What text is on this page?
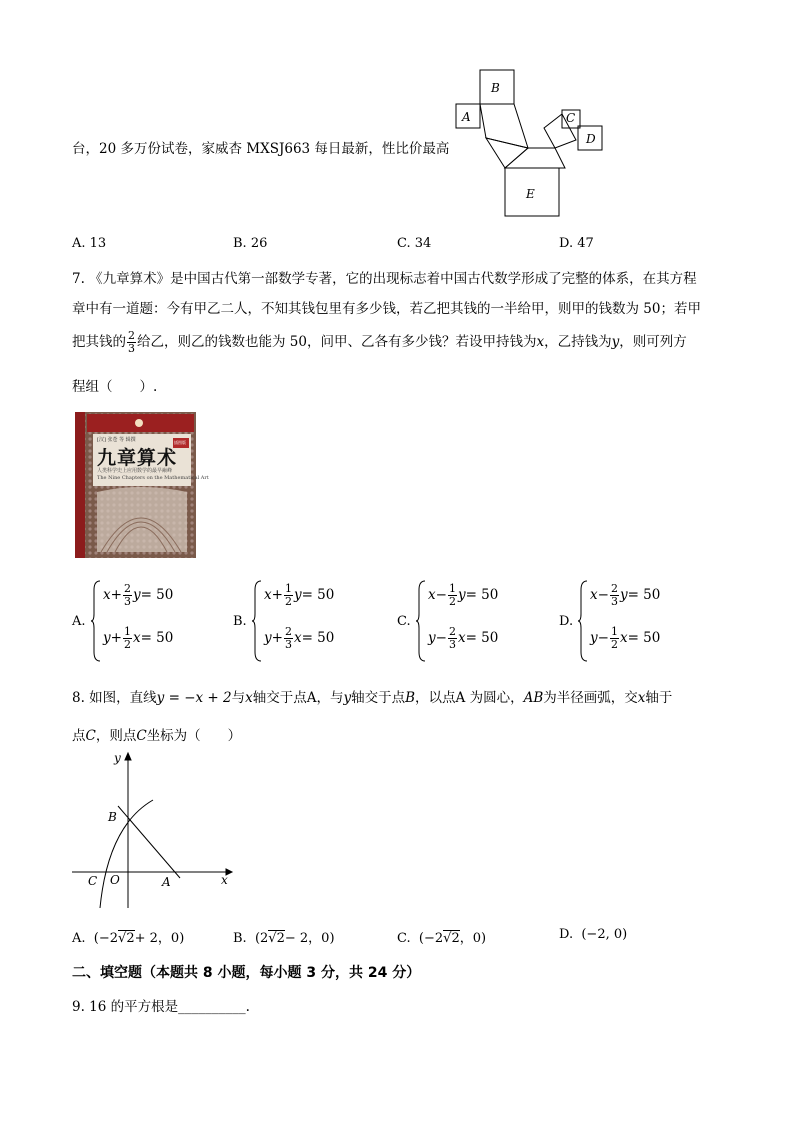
台，20 多万份试卷，家威杏 MXSJ663 每日最新，性比价最高
B
A	C
D
E
A. 13	B. 26	C. 34	D. 47
7. 《九章算术》是中国古代第一部数学专著，它的出现标志着中国古代数学形成了完整的体系，在其方程
章中有一道题：今有甲乙二人，不知其钱包里有多少钱，若乙把其钱的一半给甲，则甲的钱数为 50；若甲
把其钱的 $\frac{2}{3}$ 给乙，则乙的钱数也能为 50，问甲、乙各有多少钱？若设甲持钱为x，乙持钱为y，则可列方
程组（　　）.
[汉] 张苍 等 辑撰	插图版
九章算术
人类科学史上应用数学的最早巅峰
The Nine Chapters on the Mathematical Art
A.	B.	C.	D.
$x+ \frac{2}{3} y= 50$
$y+ \frac{1}{2} x= 50$
$x+ \frac{1}{2} y= 50$
$y+ \frac{2}{3} x= 50$
$x- \frac{1}{2} y= 50$
$y- \frac{2}{3} x= 50$
$x- \frac{2}{3} y= 50$
$y- \frac{1}{2} x= 50$
8. 如图，直线y = −x + 2与x轴交于点A，与y轴交于点B，以点A 为圆心，AB为半径画弧，交x轴于
点C，则点C坐标为（　　）
y
x
B
O	A
C
A. (−2√2+ 2，0)	B. (2√2− 2，0)	C. (−2√2，0)	D. (−2, 0)
二、填空题（本题共 8 小题，每小题 3 分，共 24 分）
9. 16 的平方根是__________.
